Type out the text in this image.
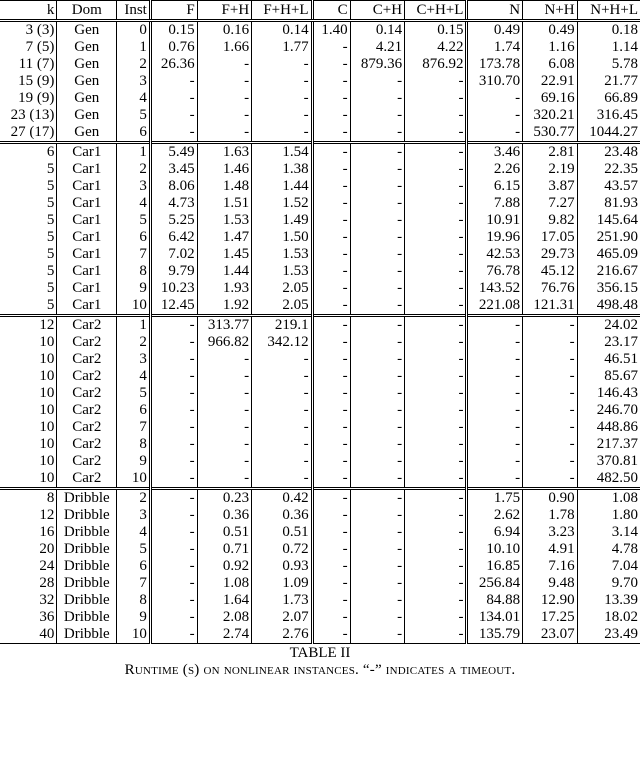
k	Dom	Inst	F	F+H	F+H+L	C	C+H	C+H+L	N	N+H	N+H+L
3 (3)	Gen	0	0.15	0.16	0.14	1.40	0.14	0.15	0.49	0.49	0.18
7 (5)	Gen	1	0.76	1.66	1.77	-	4.21	4.22	1.74	1.16	1.14
11 (7)	Gen	2	26.36	-	-	-	879.36	876.92	173.78	6.08	5.78
15 (9)	Gen	3	-	-	-	-	-	-	310.70	22.91	21.77
19 (9)	Gen	4	-	-	-	-	-	-	-	69.16	66.89
23 (13)	Gen	5	-	-	-	-	-	-	-	320.21	316.45
27 (17)	Gen	6	-	-	-	-	-	-	-	530.77	1044.27
6	Car1	1	5.49	1.63	1.54	-	-	-	3.46	2.81	23.48
5	Car1	2	3.45	1.46	1.38	-	-	-	2.26	2.19	22.35
5	Car1	3	8.06	1.48	1.44	-	-	-	6.15	3.87	43.57
5	Car1	4	4.73	1.51	1.52	-	-	-	7.88	7.27	81.93
5	Car1	5	5.25	1.53	1.49	-	-	-	10.91	9.82	145.64
5	Car1	6	6.42	1.47	1.50	-	-	-	19.96	17.05	251.90
5	Car1	7	7.02	1.45	1.53	-	-	-	42.53	29.73	465.09
5	Car1	8	9.79	1.44	1.53	-	-	-	76.78	45.12	216.67
5	Car1	9	10.23	1.93	2.05	-	-	-	143.52	76.76	356.15
5	Car1	10	12.45	1.92	2.05	-	-	-	221.08	121.31	498.48
12	Car2	1	-	313.77	219.1	-	-	-	-	-	24.02
10	Car2	2	-	966.82	342.12	-	-	-	-	-	23.17
10	Car2	3	-	-	-	-	-	-	-	-	46.51
10	Car2	4	-	-	-	-	-	-	-	-	85.67
10	Car2	5	-	-	-	-	-	-	-	-	146.43
10	Car2	6	-	-	-	-	-	-	-	-	246.70
10	Car2	7	-	-	-	-	-	-	-	-	448.86
10	Car2	8	-	-	-	-	-	-	-	-	217.37
10	Car2	9	-	-	-	-	-	-	-	-	370.81
10	Car2	10	-	-	-	-	-	-	-	-	482.50
8	Dribble	2	-	0.23	0.42	-	-	-	1.75	0.90	1.08
12	Dribble	3	-	0.36	0.36	-	-	-	2.62	1.78	1.80
16	Dribble	4	-	0.51	0.51	-	-	-	6.94	3.23	3.14
20	Dribble	5	-	0.71	0.72	-	-	-	10.10	4.91	4.78
24	Dribble	6	-	0.92	0.93	-	-	-	16.85	7.16	7.04
28	Dribble	7	-	1.08	1.09	-	-	-	256.84	9.48	9.70
32	Dribble	8	-	1.64	1.73	-	-	-	84.88	12.90	13.39
36	Dribble	9	-	2.08	2.07	-	-	-	134.01	17.25	18.02
40	Dribble	10	-	2.74	2.76	-	-	-	135.79	23.07	23.49
TABLE II
Runtime (s) on nonlinear instances. “-” indicates a timeout.
